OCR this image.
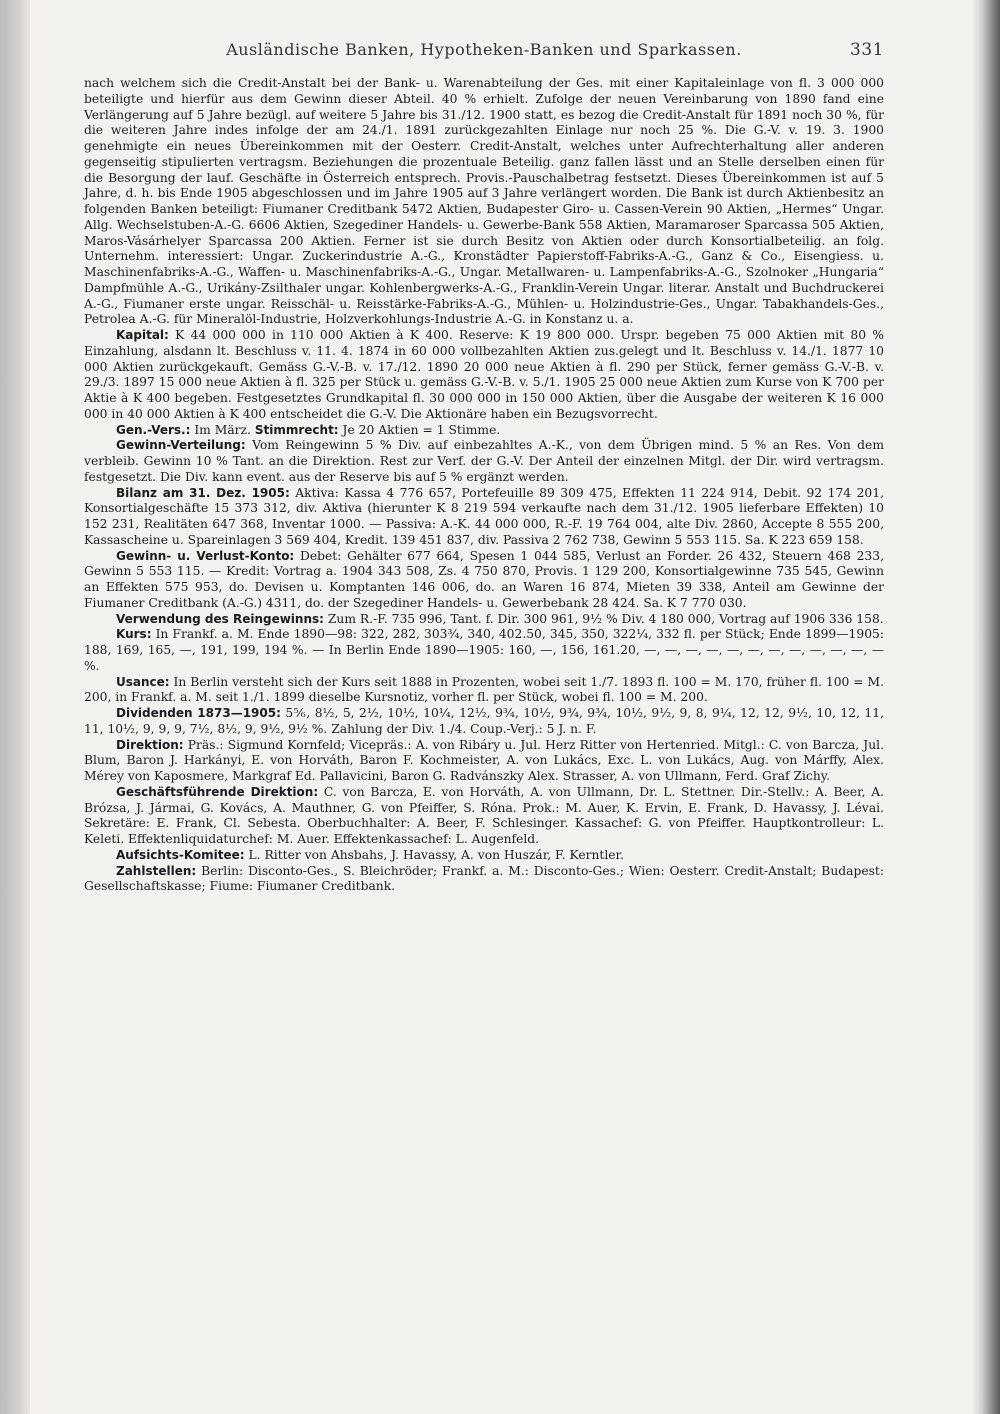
Ausländische Banken, Hypotheken-Banken und Sparkassen.	331

nach welchem sich die Credit-Anstalt bei der Bank- u. Warenabteilung der Ges. mit einer Kapitaleinlage von fl. 3 000 000 beteiligte und hierfür aus dem Gewinn dieser Abteil. 40 % erhielt. Zufolge der neuen Vereinbarung von 1890 fand eine Verlängerung auf 5 Jahre bezügl. auf weitere 5 Jahre bis 31./12. 1900 statt, es bezog die Credit-Anstalt für 1891 noch 30 %, für die weiteren Jahre indes infolge der am 24./1. 1891 zurückgezahlten Einlage nur noch 25 %. Die G.-V. v. 19. 3. 1900 genehmigte ein neues Übereinkommen mit der Oesterr. Credit-Anstalt, welches unter Aufrechterhaltung aller anderen gegenseitig stipulierten vertragsm. Beziehungen die prozentuale Beteilig. ganz fallen lässt und an Stelle derselben einen für die Besorgung der lauf. Geschäfte in Österreich entsprech. Provis.-Pauschalbetrag festsetzt. Dieses Übereinkommen ist auf 5 Jahre, d. h. bis Ende 1905 abgeschlossen und im Jahre 1905 auf 3 Jahre verlängert worden. Die Bank ist durch Aktienbesitz an folgenden Banken beteiligt: Fiumaner Creditbank 5472 Aktien, Budapester Giro- u. Cassen-Verein 90 Aktien, „Hermes“ Ungar. Allg. Wechselstuben-A.-G. 6606 Aktien, Szegediner Handels- u. Gewerbe-Bank 558 Aktien, Maramaroser Sparcassa 505 Aktien, Maros-Vásárhelyer Sparcassa 200 Aktien. Ferner ist sie durch Besitz von Aktien oder durch Konsortialbeteilig. an folg. Unternehm. interessiert: Ungar. Zuckerindustrie A.-G., Kronstädter Papierstoff-Fabriks-A.-G., Ganz & Co., Eisengiess. u. Maschinenfabriks-A.-G., Waffen- u. Maschinenfabriks-A.-G., Ungar. Metallwaren- u. Lampenfabriks-A.-G., Szolnoker „Hungaria“ Dampfmühle A.-G., Urikány-Zsilthaler ungar. Kohlenbergwerks-A.-G., Franklin-Verein Ungar. literar. Anstalt und Buchdruckerei A.-G., Fiumaner erste ungar. Reisschäl- u. Reisstärke-Fabriks-A.-G., Mühlen- u. Holzindustrie-Ges., Ungar. Tabakhandels-Ges., Petrolea A.-G. für Mineralöl-Industrie, Holzverkohlungs-Industrie A.-G. in Konstanz u. a.

Kapital: K 44 000 000 in 110 000 Aktien à K 400. Reserve: K 19 800 000. Urspr. begeben 75 000 Aktien mit 80 % Einzahlung, alsdann lt. Beschluss v. 11. 4. 1874 in 60 000 vollbezahlten Aktien zus.gelegt und lt. Beschluss v. 14./1. 1877 10 000 Aktien zurückgekauft. Gemäss G.-V.-B. v. 17./12. 1890 20 000 neue Aktien à fl. 290 per Stück, ferner gemäss G.-V.-B. v. 29./3. 1897 15 000 neue Aktien à fl. 325 per Stück u. gemäss G.-V.-B. v. 5./1. 1905 25 000 neue Aktien zum Kurse von K 700 per Aktie à K 400 begeben. Festgesetztes Grundkapital fl. 30 000 000 in 150 000 Aktien, über die Ausgabe der weiteren K 16 000 000 in 40 000 Aktien à K 400 entscheidet die G.-V. Die Aktionäre haben ein Bezugsvorrecht.

Gen.-Vers.: Im März. Stimmrecht: Je 20 Aktien = 1 Stimme.

Gewinn-Verteilung: Vom Reingewinn 5 % Div. auf einbezahltes A.-K., von dem Übrigen mind. 5 % an Res. Von dem verbleib. Gewinn 10 % Tant. an die Direktion. Rest zur Verf. der G.-V. Der Anteil der einzelnen Mitgl. der Dir. wird vertragsm. festgesetzt. Die Div. kann event. aus der Reserve bis auf 5 % ergänzt werden.

Bilanz am 31. Dez. 1905: Aktiva: Kassa 4 776 657, Portefeuille 89 309 475, Effekten 11 224 914, Debit. 92 174 201, Konsortialgeschäfte 15 373 312, div. Aktiva (hierunter K 8 219 594 verkaufte nach dem 31./12. 1905 lieferbare Effekten) 10 152 231, Realitäten 647 368, Inventar 1000. — Passiva: A.-K. 44 000 000, R.-F. 19 764 004, alte Div. 2860, Accepte 8 555 200, Kassascheine u. Spareinlagen 3 569 404, Kredit. 139 451 837, div. Passiva 2 762 738, Gewinn 5 553 115. Sa. K 223 659 158.

Gewinn- u. Verlust-Konto: Debet: Gehälter 677 664, Spesen 1 044 585, Verlust an Forder. 26 432, Steuern 468 233, Gewinn 5 553 115. — Kredit: Vortrag a. 1904 343 508, Zs. 4 750 870, Provis. 1 129 200, Konsortialgewinne 735 545, Gewinn an Effekten 575 953, do. Devisen u. Komptanten 146 006, do. an Waren 16 874, Mieten 39 338, Anteil am Gewinne der Fiumaner Creditbank (A.-G.) 4311, do. der Szegediner Handels- u. Gewerbebank 28 424. Sa. K 7 770 030.

Verwendung des Reingewinns: Zum R.-F. 735 996, Tant. f. Dir. 300 961, 9½ % Div. 4 180 000, Vortrag auf 1906 336 158.

Kurs: In Frankf. a. M. Ende 1890—98: 322, 282, 303¾, 340, 402.50, 345, 350, 322¼, 332 fl. per Stück; Ende 1899—1905: 188, 169, 165, —, 191, 199, 194 %. — In Berlin Ende 1890—1905: 160, —, 156, 161.20, —, —, —, —, —, —, —, —, —, —, —, — %.

Usance: In Berlin versteht sich der Kurs seit 1888 in Prozenten, wobei seit 1./7. 1893 fl. 100 = M. 170, früher fl. 100 = M. 200, in Frankf. a. M. seit 1./1. 1899 dieselbe Kursnotiz, vorher fl. per Stück, wobei fl. 100 = M. 200.

Dividenden 1873—1905: 5⅚, 8½, 5, 2½, 10½, 10¼, 12½, 9¾, 10½, 9¾, 9¾, 10½, 9½, 9, 8, 9¼, 12, 12, 9½, 10, 12, 11, 11, 10½, 9, 9, 9, 7½, 8½, 9, 9½, 9½ %. Zahlung der Div. 1./4. Coup.-Verj.: 5 J. n. F.

Direktion: Präs.: Sigmund Kornfeld; Vicepräs.: A. von Ribáry u. Jul. Herz Ritter von Hertenried. Mitgl.: C. von Barcza, Jul. Blum, Baron J. Harkányi, E. von Horváth, Baron F. Kochmeister, A. von Lukács, Exc. L. von Lukács, Aug. von Márffy, Alex. Mérey von Kaposmere, Markgraf Ed. Pallavicini, Baron G. Radvánszky Alex. Strasser, A. von Ullmann, Ferd. Graf Zichy.

Geschäftsführende Direktion: C. von Barcza, E. von Horváth, A. von Ullmann, Dr. L. Stettner. Dir.-Stellv.: A. Beer, A. Brózsa, J. Jármai, G. Kovács, A. Mauthner, G. von Pfeiffer, S. Róna. Prok.: M. Auer, K. Ervin, E. Frank, D. Havassy, J. Lévai. Sekretäre: E. Frank, Cl. Sebesta. Oberbuchhalter: A. Beer, F. Schlesinger. Kassachef: G. von Pfeiffer. Hauptkontrolleur: L. Keleti. Effektenliquidaturchef: M. Auer. Effektenkassachef: L. Augenfeld.

Aufsichts-Komitee: L. Ritter von Ahsbahs, J. Havassy, A. von Huszár, F. Kerntler.

Zahlstellen: Berlin: Disconto-Ges., S. Bleichröder; Frankf. a. M.: Disconto-Ges.; Wien: Oesterr. Credit-Anstalt; Budapest: Gesellschaftskasse; Fiume: Fiumaner Creditbank.
